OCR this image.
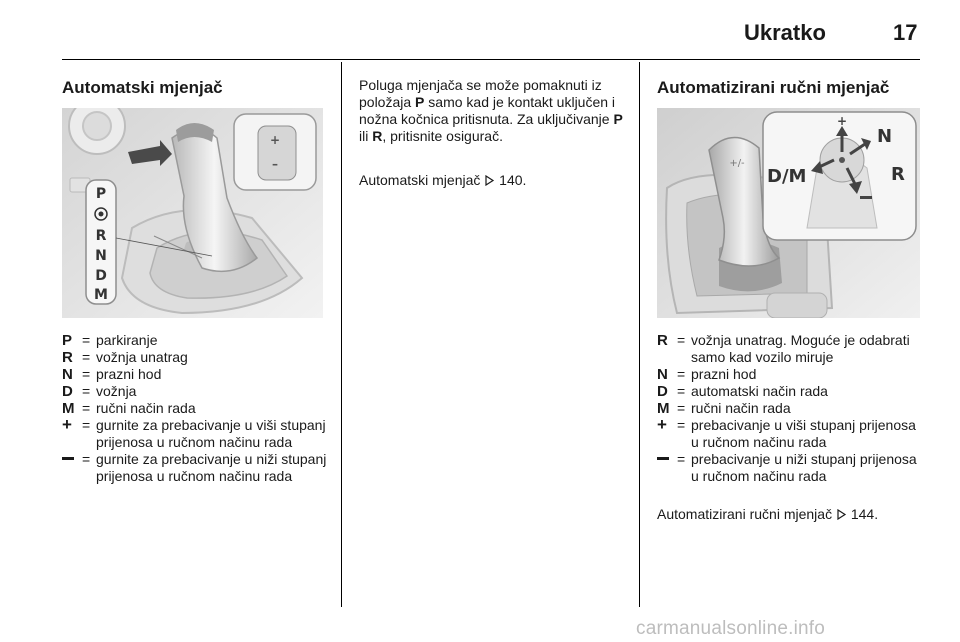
Ukratko	17
Automatski mjenjač
+
–
P
R
N
D
M
P = parkiranje
R = vožnja unatrag
N = prazni hod
D = vožnja
M = ručni način rada
+ = gurnite za prebacivanje u viši stupanj prijenosa u ručnom načinu rada
= gurnite za prebacivanje u niži stupanj prijenosa u ručnom načinu rada
Poluga mjenjača se može pomaknuti iz položaja P samo kad je kontakt uključen i nožna kočnica pritisnuta. Za uključivanje P ili R, pritisnite osigurač.
Automatski mjenjač 140.
Automatizirani ručni mjenjač
+/-
+
D/M
N
R
R = vožnja unatrag. Moguće je odabrati samo kad vozilo miruje
N = prazni hod
D = automatski način rada
M = ručni način rada
+ = prebacivanje u viši stupanj prijenosa u ručnom načinu rada
= prebacivanje u niži stupanj prijenosa u ručnom načinu rada
Automatizirani ručni mjenjač 144.
carmanualsonline.info
